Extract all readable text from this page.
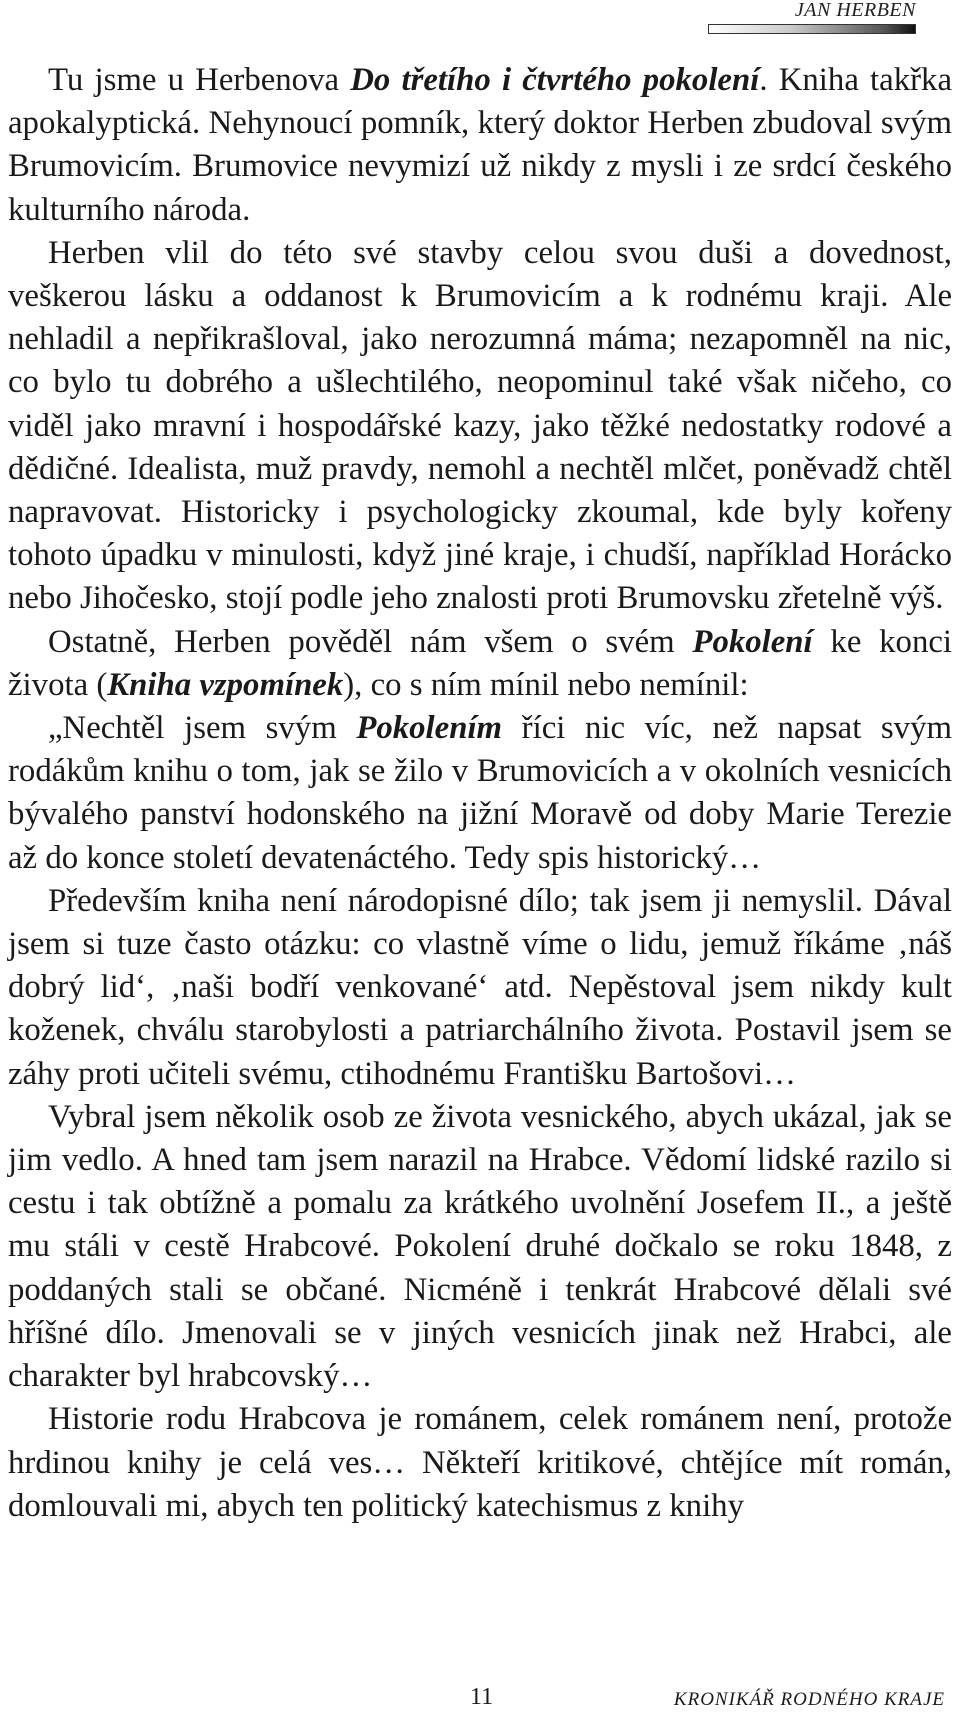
JAN HERBEN

Tu jsme u Herbenova Do třetího i čtvrtého pokolení. Kniha takřka apokalyptická. Nehynoucí pomník, který doktor Herben zbudoval svým Brumovicím. Brumovice nevymizí už nikdy z mysli i ze srdcí českého kulturního národa.

Herben vlil do této své stavby celou svou duši a dovednost, veškerou lásku a oddanost k Brumovicím a k rodnému kraji. Ale nehladil a nepřikrašloval, jako nerozumná máma; nezapomněl na nic, co bylo tu dobrého a ušlechtilého, neopominul také však ničeho, co viděl jako mravní i hospodářské kazy, jako těžké nedostatky rodové a dědičné. Idealista, muž pravdy, nemohl a nechtěl mlčet, poněvadž chtěl napravovat. Historicky i psychologicky zkoumal, kde byly kořeny tohoto úpadku v minulosti, když jiné kraje, i chudší, například Horácko nebo Jihočesko, stojí podle jeho znalosti proti Brumovsku zřetelně výš.

Ostatně, Herben pověděl nám všem o svém Pokolení ke konci života (Kniha vzpomínek), co s ním mínil nebo nemínil:

„Nechtěl jsem svým Pokolením říci nic víc, než napsat svým rodákům knihu o tom, jak se žilo v Brumovicích a v okolních vesnicích bývalého panství hodonského na jižní Moravě od doby Marie Terezie až do konce století devatenáctého. Tedy spis historický…

Především kniha není národopisné dílo; tak jsem ji nemyslil. Dával jsem si tuze často otázku: co vlastně víme o lidu, jemuž říkáme ‚náš dobrý lid‘, ‚naši bodří venkované‘ atd. Nepěstoval jsem nikdy kult koženek, chválu starobylosti a patriarchálního života. Postavil jsem se záhy proti učiteli svému, ctihodnému Františku Bartošovi…

Vybral jsem několik osob ze života vesnického, abych ukázal, jak se jim vedlo. A hned tam jsem narazil na Hrabce. Vědomí lidské razilo si cestu i tak obtížně a pomalu za krátkého uvolnění Josefem II., a ještě mu stáli v cestě Hrabcové. Pokolení druhé dočkalo se roku 1848, z poddaných stali se občané. Nicméně i tenkrát Hrabcové dělali své hříšné dílo. Jmenovali se v jiných vesnicích jinak než Hrabci, ale charakter byl hrabcovský…

Historie rodu Hrabcova je románem, celek románem není, protože hrdinou knihy je celá ves… Někteří kritikové, chtějíce mít román, domlouvali mi, abych ten politický katechismus z knihy

11	KRONIKÁŘ RODNÉHO KRAJE
